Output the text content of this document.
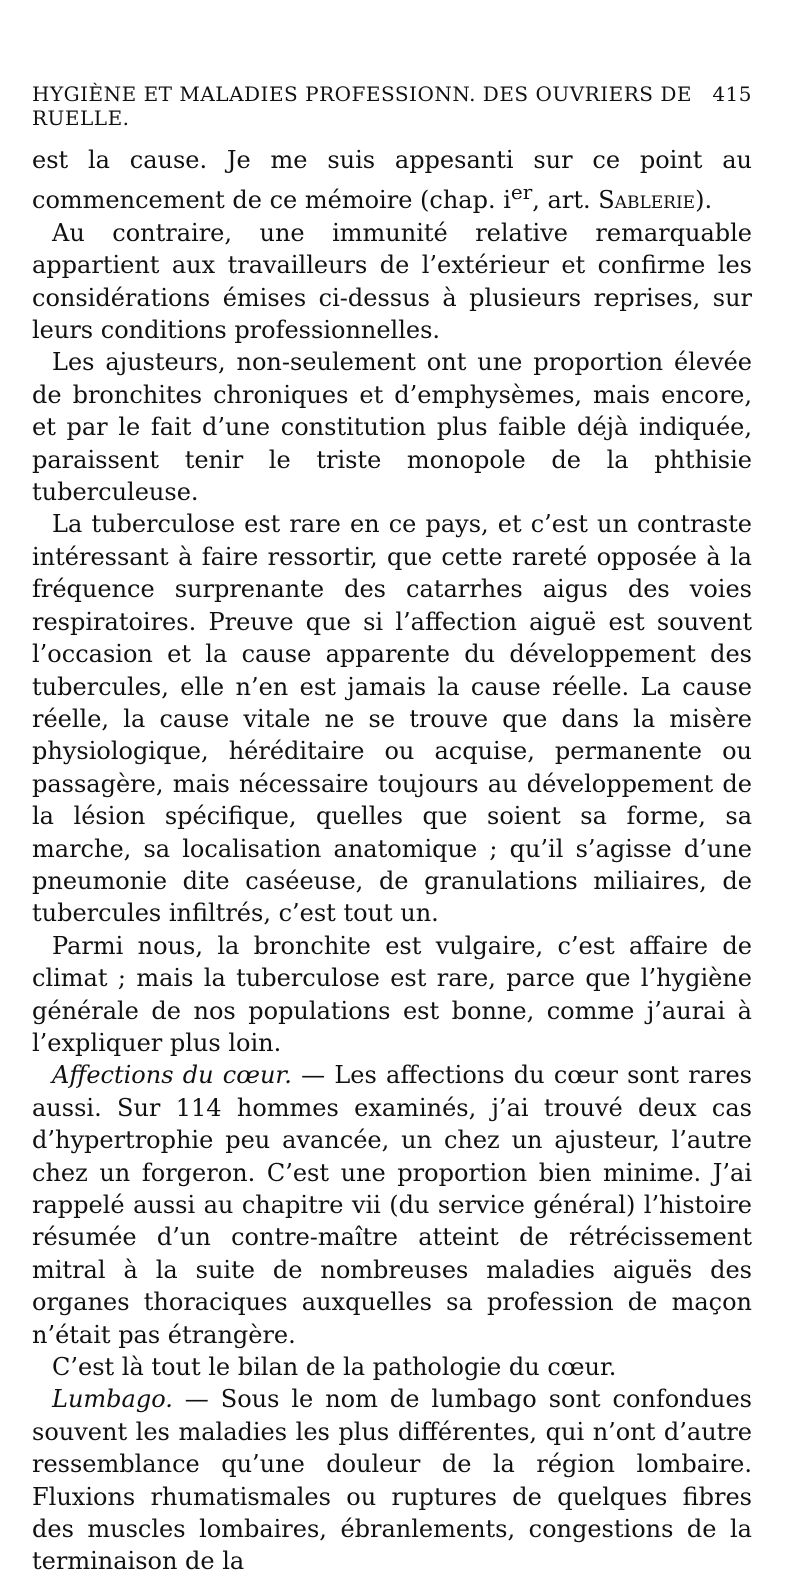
HYGIÈNE ET MALADIES PROFESSIONN. DES OUVRIERS DE RUELLE.
415

est la cause. Je me suis appesanti sur ce point au commencement de ce mémoire (chap. $i^{er}$, art. Sablerie).

Au contraire, une immunité relative remarquable appartient aux travailleurs de l’extérieur et confirme les considérations émises ci-dessus à plusieurs reprises, sur leurs conditions professionnelles.

Les ajusteurs, non-seulement ont une proportion élevée de bronchites chroniques et d’emphysèmes, mais encore, et par le fait d’une constitution plus faible déjà indiquée, paraissent tenir le triste monopole de la phthisie tuberculeuse.

La tuberculose est rare en ce pays, et c’est un contraste intéressant à faire ressortir, que cette rareté opposée à la fréquence surprenante des catarrhes aigus des voies respiratoires. Preuve que si l’affection aiguë est souvent l’occasion et la cause apparente du développement des tubercules, elle n’en est jamais la cause réelle. La cause réelle, la cause vitale ne se trouve que dans la misère physiologique, héréditaire ou acquise, permanente ou passagère, mais nécessaire toujours au développement de la lésion spécifique, quelles que soient sa forme, sa marche, sa localisation anatomique ; qu’il s’agisse d’une pneumonie dite caséeuse, de granulations miliaires, de tubercules infiltrés, c’est tout un.

Parmi nous, la bronchite est vulgaire, c’est affaire de climat ; mais la tuberculose est rare, parce que l’hygiène générale de nos populations est bonne, comme j’aurai à l’expliquer plus loin.

Affections du cœur. — Les affections du cœur sont rares aussi. Sur 114 hommes examinés, j’ai trouvé deux cas d’hypertrophie peu avancée, un chez un ajusteur, l’autre chez un forgeron. C’est une proportion bien minime. J’ai rappelé aussi au chapitre vii (du service général) l’histoire résumée d’un contre-maître atteint de rétrécissement mitral à la suite de nombreuses maladies aiguës des organes thoraciques auxquelles sa profession de maçon n’était pas étrangère.

C’est là tout le bilan de la pathologie du cœur.

Lumbago. — Sous le nom de lumbago sont confondues souvent les maladies les plus différentes, qui n’ont d’autre ressemblance qu’une douleur de la région lombaire. Fluxions rhumatismales ou ruptures de quelques fibres des muscles lombaires, ébranlements, congestions de la terminaison de la
